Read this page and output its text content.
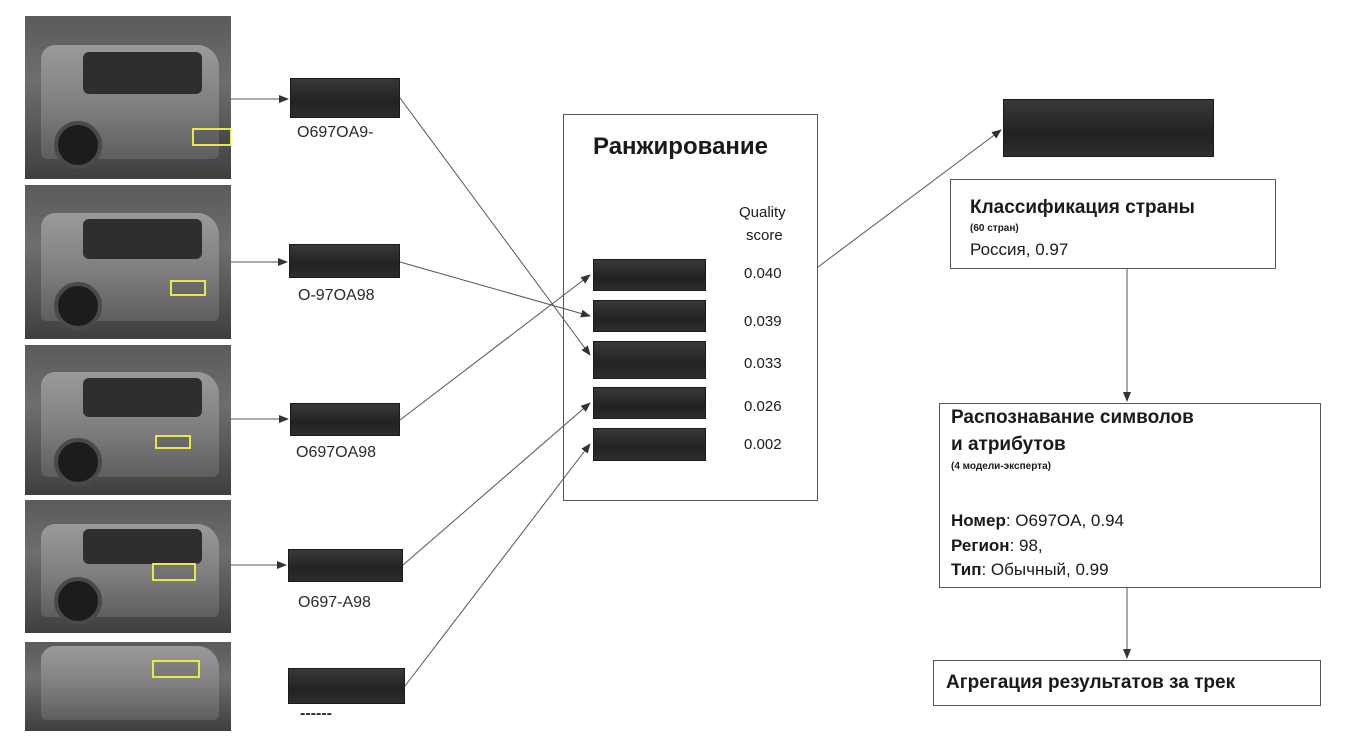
O697OA9-
O-97OA98
O697OA98
O697-A98
------
Ранжирование
Quality
score
0.040
0.039
0.033
0.026
0.002
Классификация страны
(60 стран)
Россия, 0.97
Распознавание символов
и атрибутов
(4 модели-эксперта)
Номер: O697OA, 0.94
Регион: 98,
Тип: Обычный, 0.99
Агрегация результатов за трек
